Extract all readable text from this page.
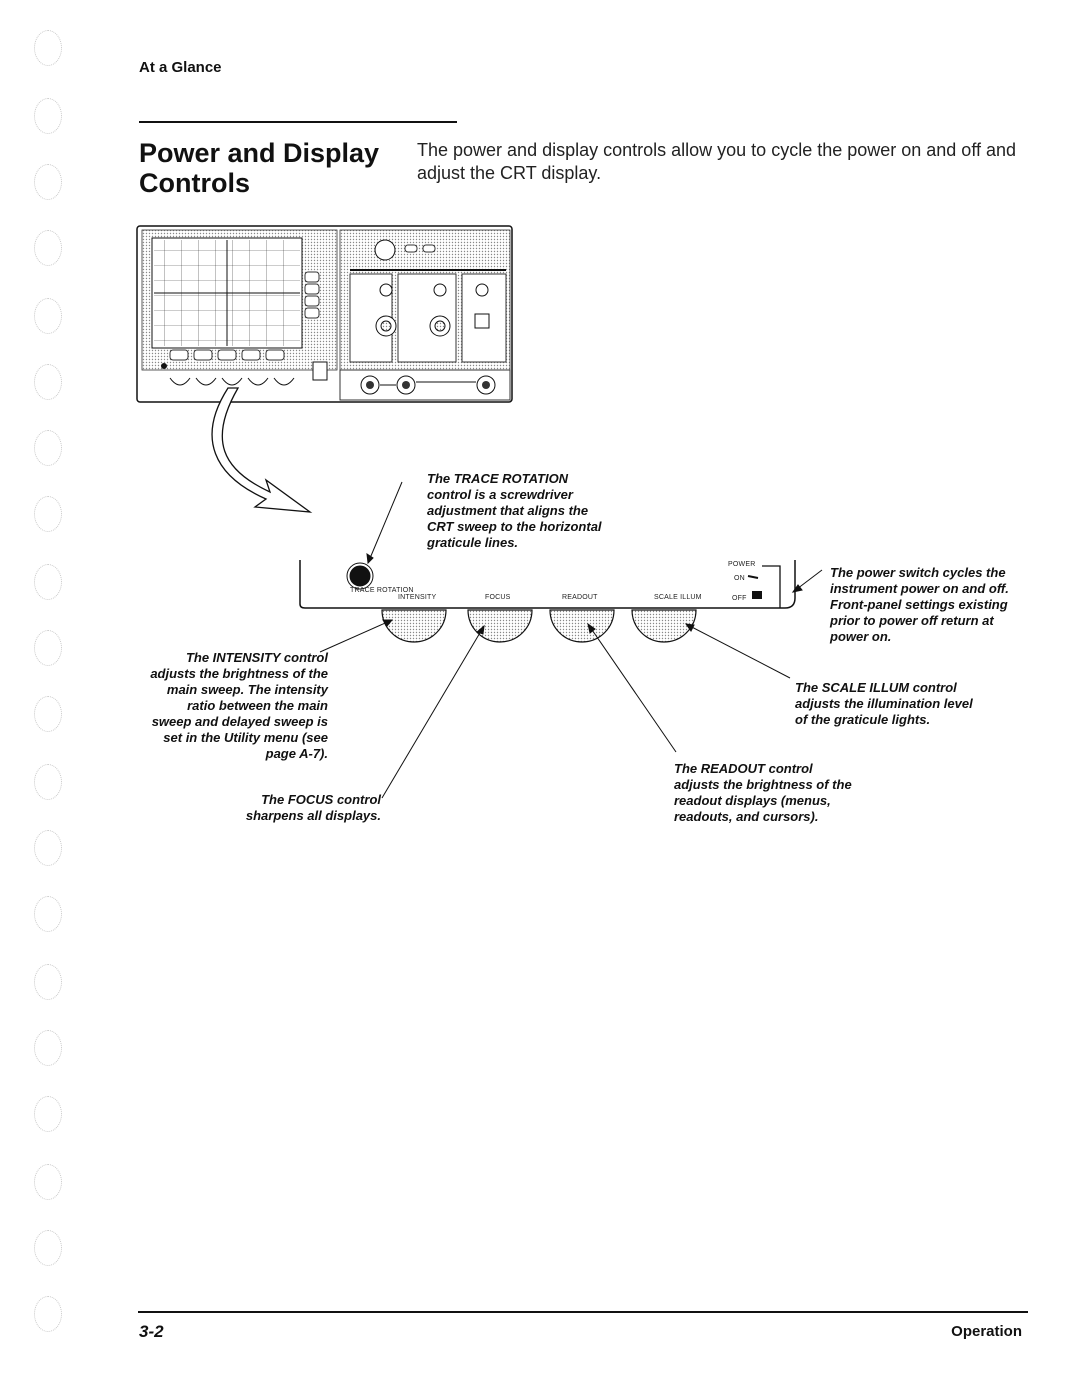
At a Glance
Power and Display
Controls
The power and display controls allow you to cycle the power on and off and adjust the CRT display.
TRACE ROTATION
INTENSITY	FOCUS	READOUT	SCALE ILLUM
POWER
ON
OFF
The TRACE ROTATION
control is a screwdriver
adjustment that aligns the
CRT sweep to the horizontal
graticule lines.
The power switch cycles the
instrument power on and off.
Front-panel settings existing
prior to power off return at
power on.
The INTENSITY control
adjusts the brightness of the
main sweep. The intensity
ratio between the main
sweep and delayed sweep is
set in the Utility menu (see
page A-7).
The SCALE ILLUM control
adjusts the illumination level
of the graticule lights.
The FOCUS control
sharpens all displays.
The READOUT control
adjusts the brightness of the
readout displays (menus,
readouts, and cursors).
3-2	Operation
